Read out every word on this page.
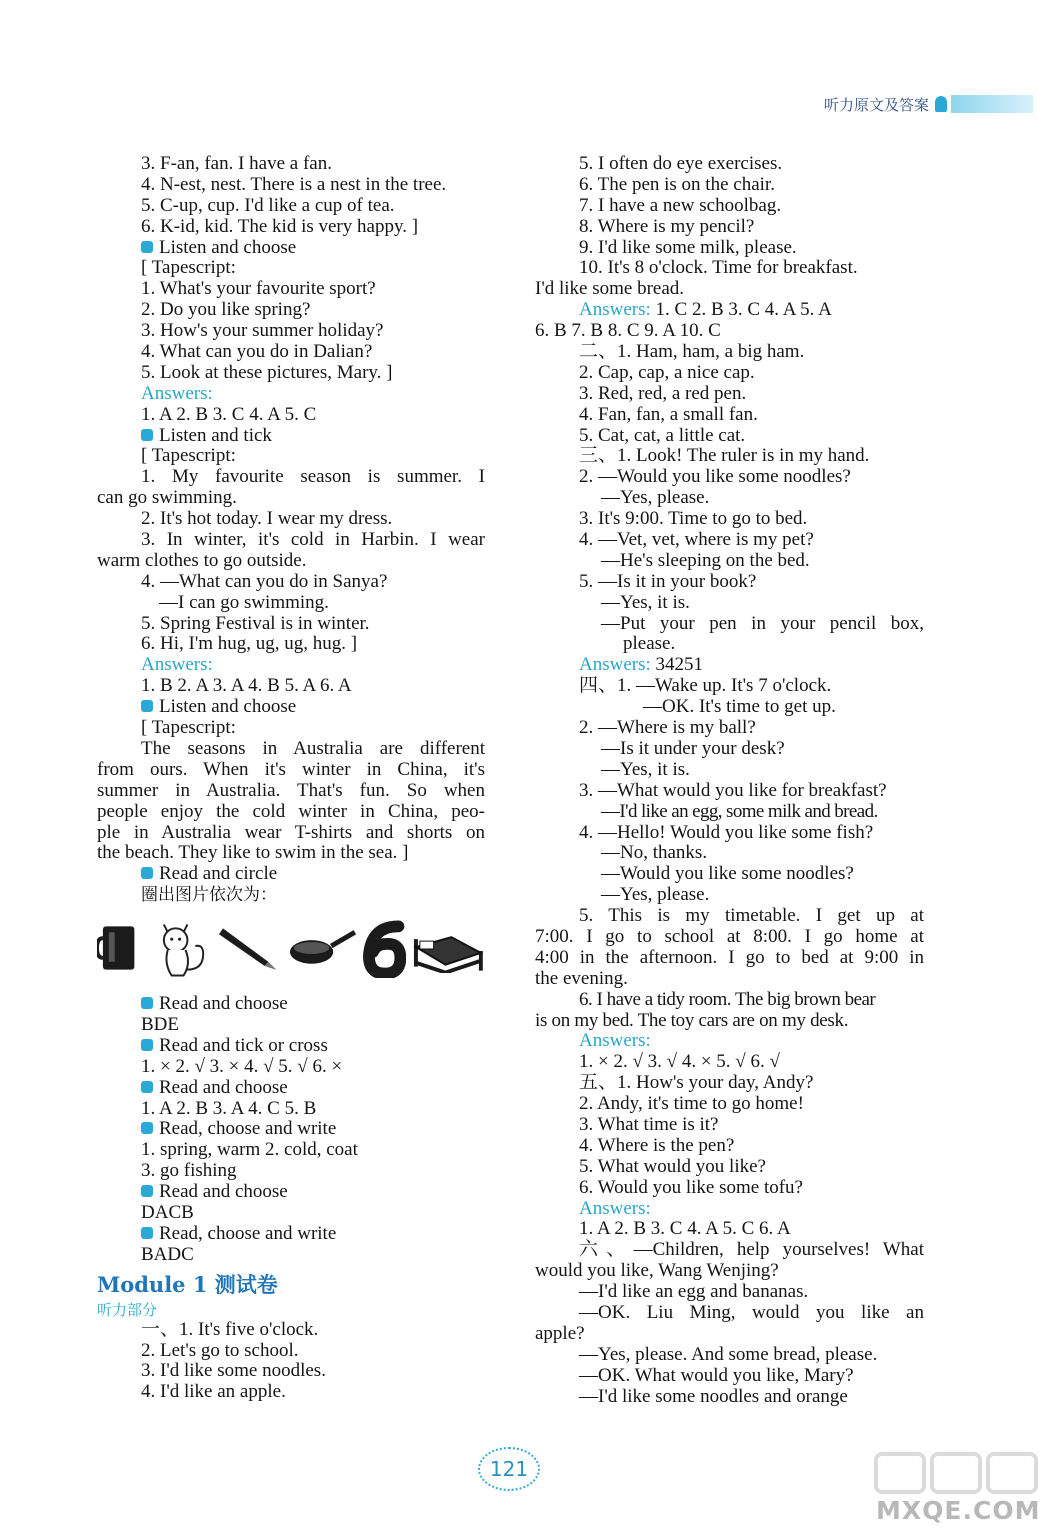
听力原文及答案
3. F-an, fan. I have a fan.
4. N-est, nest. There is a nest in the tree.
5. C-up, cup. I'd like a cup of tea.
6. K-id, kid. The kid is very happy. ]
Listen and choose
[ Tapescript:
1. What's your favourite sport?
2. Do you like spring?
3. How's your summer holiday?
4. What can you do in Dalian?
5. Look at these pictures, Mary. ]
Answers:
1. A 2. B 3. C 4. A 5. C
Listen and tick
[ Tapescript:
1. My favourite season is summer. I
can go swimming.
2. It's hot today. I wear my dress.
3. In winter, it's cold in Harbin. I wear
warm clothes to go outside.
4. —What can you do in Sanya?
—I can go swimming.
5. Spring Festival is in winter.
6. Hi, I'm hug, ug, ug, hug. ]
Answers:
1. B 2. A 3. A 4. B 5. A 6. A
Listen and choose
[ Tapescript:
The seasons in Australia are different
from ours. When it's winter in China, it's
summer in Australia. That's fun. So when
people enjoy the cold winter in China, peo-
ple in Australia wear T-shirts and shorts on
the beach. They like to swim in the sea. ]
Read and circle
圈出图片依次为：
Read and choose
BDE
Read and tick or cross
1. × 2. √ 3. × 4. √ 5. √ 6. ×
Read and choose
1. A 2. B 3. A 4. C 5. B
Read, choose and write
1. spring, warm 2. cold, coat
3. go fishing
Read and choose
DACB
Read, choose and write
BADC
Module 1 测试卷
听力部分
一、1. It's five o'clock.
2. Let's go to school.
3. I'd like some noodles.
4. I'd like an apple.
5. I often do eye exercises.
6. The pen is on the chair.
7. I have a new schoolbag.
8. Where is my pencil?
9. I'd like some milk, please.
10. It's 8 o'clock. Time for breakfast.
I'd like some bread.
Answers: 1. C 2. B 3. C 4. A 5. A
6. B 7. B 8. C 9. A 10. C
二、1. Ham, ham, a big ham.
2. Cap, cap, a nice cap.
3. Red, red, a red pen.
4. Fan, fan, a small fan.
5. Cat, cat, a little cat.
三、1. Look! The ruler is in my hand.
2. —Would you like some noodles?
—Yes, please.
3. It's 9:00. Time to go to bed.
4. —Vet, vet, where is my pet?
—He's sleeping on the bed.
5. —Is it in your book?
—Yes, it is.
—Put your pen in your pencil box,
please.
Answers: 34251
四、1. —Wake up. It's 7 o'clock.
—OK. It's time to get up.
2. —Where is my ball?
—Is it under your desk?
—Yes, it is.
3. —What would you like for breakfast?
—I'd like an egg, some milk and bread.
4. —Hello! Would you like some fish?
—No, thanks.
—Would you like some noodles?
—Yes, please.
5. This is my timetable. I get up at
7:00. I go to school at 8:00. I go home at
4:00 in the afternoon. I go to bed at 9:00 in
the evening.
6. I have a tidy room. The big brown bear
is on my bed. The toy cars are on my desk.
Answers:
1. × 2. √ 3. √ 4. × 5. √ 6. √
五、1. How's your day, Andy?
2. Andy, it's time to go home!
3. What time is it?
4. Where is the pen?
5. What would you like?
6. Would you like some tofu?
Answers:
1. A 2. B 3. C 4. A 5. C 6. A
六、—Children, help yourselves! What
would you like, Wang Wenjing?
—I'd like an egg and bananas.
—OK. Liu Ming, would you like an
apple?
—Yes, please. And some bread, please.
—OK. What would you like, Mary?
—I'd like some noodles and orange
121
MXQE.COM
